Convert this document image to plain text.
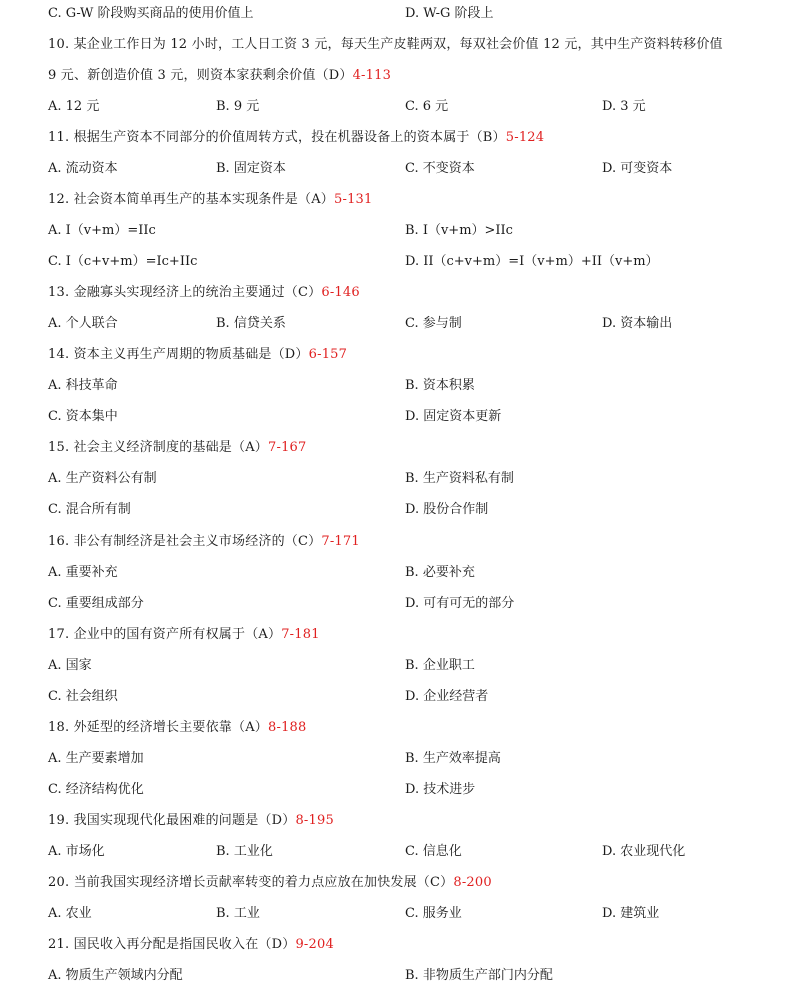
C. G-W 阶段购买商品的使用价值上	D. W-G 阶段上
10. 某企业工作日为 12 小时，工人日工资 3 元，每天生产皮鞋两双，每双社会价值 12 元，其中生产资料转移价值
9 元、新创造价值 3 元，则资本家获剩余价值（D）4-113
A. 12 元	B. 9 元	C. 6 元	D. 3 元
11. 根据生产资本不同部分的价值周转方式，投在机器设备上的资本属于（B）5-124
A. 流动资本	B. 固定资本	C. 不变资本	D. 可变资本
12. 社会资本简单再生产的基本实现条件是（A）5-131
A. I（v+m）=IIc	B. I（v+m）>IIc
C. I（c+v+m）=Ic+IIc	D. II（c+v+m）=I（v+m）+II（v+m）
13. 金融寡头实现经济上的统治主要通过（C）6-146
A. 个人联合	B. 信贷关系	C. 参与制	D. 资本输出
14. 资本主义再生产周期的物质基础是（D）6-157
A. 科技革命	B. 资本积累
C. 资本集中	D. 固定资本更新
15. 社会主义经济制度的基础是（A）7-167
A. 生产资料公有制	B. 生产资料私有制
C. 混合所有制	D. 股份合作制
16. 非公有制经济是社会主义市场经济的（C）7-171
A. 重要补充	B. 必要补充
C. 重要组成部分	D. 可有可无的部分
17. 企业中的国有资产所有权属于（A）7-181
A. 国家	B. 企业职工
C. 社会组织	D. 企业经营者
18. 外延型的经济增长主要依靠（A）8-188
A. 生产要素增加	B. 生产效率提高
C. 经济结构优化	D. 技术进步
19. 我国实现现代化最困难的问题是（D）8-195
A. 市场化	B. 工业化	C. 信息化	D. 农业现代化
20. 当前我国实现经济增长贡献率转变的着力点应放在加快发展（C）8-200
A. 农业	B. 工业	C. 服务业	D. 建筑业
21. 国民收入再分配是指国民收入在（D）9-204
A. 物质生产领域内分配	B. 非物质生产部门内分配
